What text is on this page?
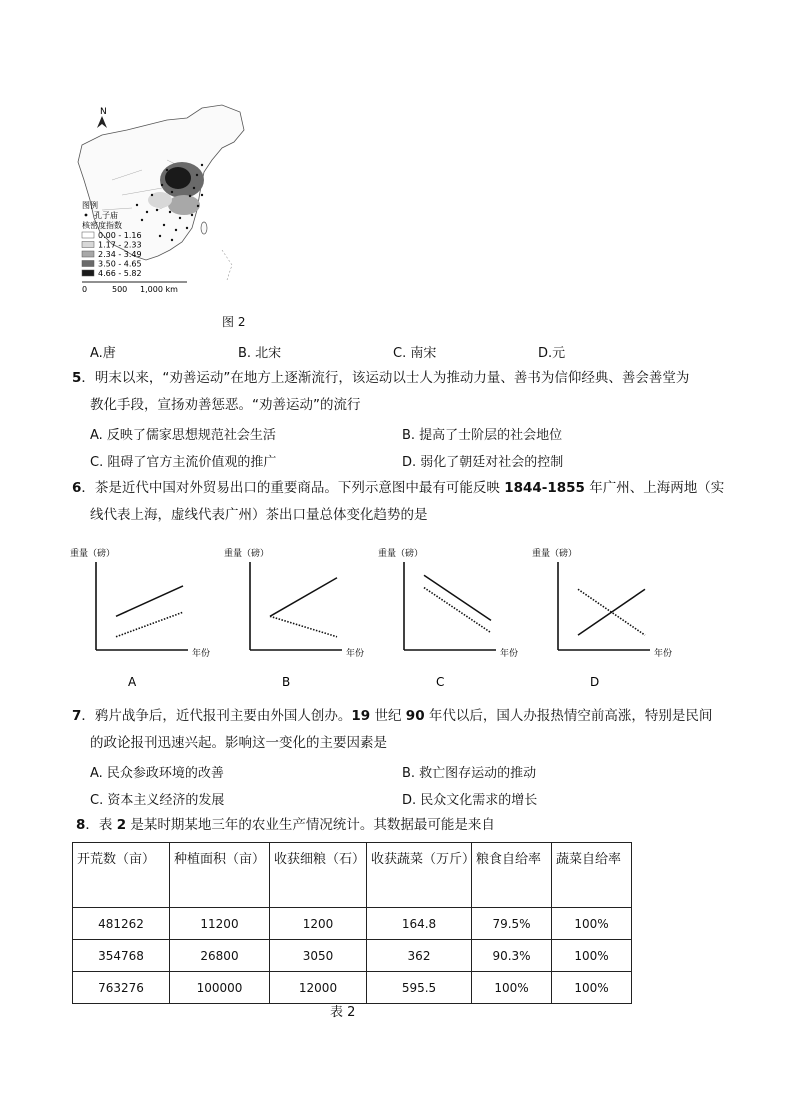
N
图例
孔子庙
核密度指数
0.00 - 1.16
1.17 - 2.33
2.34 - 3.49
3.50 - 4.65
4.66 - 5.82
0	500 1,000 km
图 2
A.唐	B. 北宋	C. 南宋	D.元
5．明末以来，“劝善运动”在地方上逐渐流行，该运动以士人为推动力量、善书为信仰经典、善会善堂为
教化手段，宣扬劝善惩恶。“劝善运动”的流行
A. 反映了儒家思想规范社会生活	B. 提高了士阶层的社会地位
C. 阻碍了官方主流价值观的推广	D. 弱化了朝廷对社会的控制
6．茶是近代中国对外贸易出口的重要商品。下列示意图中最有可能反映 1844-1855 年广州、上海两地（实
线代表上海，虚线代表广州）茶出口量总体变化趋势的是
重量（磅）
年份
A
重量（磅）
年份
B
重量（磅）
年份
C
重量（磅）
年份
D
7．鸦片战争后，近代报刊主要由外国人创办。19 世纪 90 年代以后，国人办报热情空前高涨，特别是民间
的政论报刊迅速兴起。影响这一变化的主要因素是
A. 民众参政环境的改善	B. 救亡图存运动的推动
C. 资本主义经济的发展	D. 民众文化需求的增长
8．表 2 是某时期某地三年的农业生产情况统计。其数据最可能是来自
开荒数（亩）	种植面积（亩）	收获细粮（石）	收获蔬菜（万斤）	粮食自给率	蔬菜自给率
481262	11200	1200	164.8	79.5%	100%
354768	26800	3050	362	90.3%	100%
763276	100000	12000	595.5	100%	100%
表 2
